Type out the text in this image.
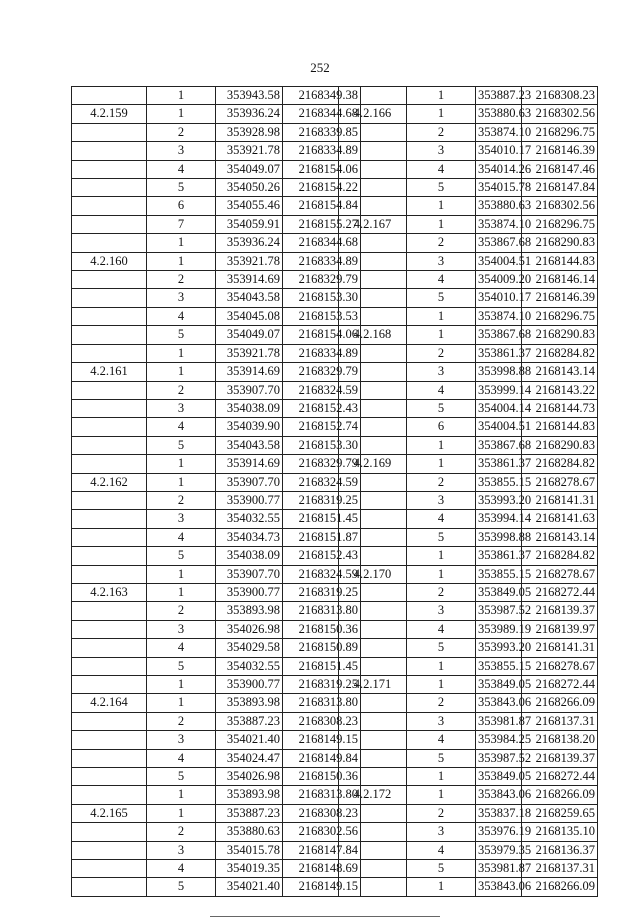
252
	1	353943.58	2168349.38
4.2.159	1	353936.24	2168344.68
	2	353928.98	2168339.85
	3	353921.78	2168334.89
	4	354049.07	2168154.06
	5	354050.26	2168154.22
	6	354055.46	2168154.84
	7	354059.91	2168155.27
	1	353936.24	2168344.68
4.2.160	1	353921.78	2168334.89
	2	353914.69	2168329.79
	3	354043.58	2168153.30
	4	354045.08	2168153.53
	5	354049.07	2168154.06
	1	353921.78	2168334.89
4.2.161	1	353914.69	2168329.79
	2	353907.70	2168324.59
	3	354038.09	2168152.43
	4	354039.90	2168152.74
	5	354043.58	2168153.30
	1	353914.69	2168329.79
4.2.162	1	353907.70	2168324.59
	2	353900.77	2168319.25
	3	354032.55	2168151.45
	4	354034.73	2168151.87
	5	354038.09	2168152.43
	1	353907.70	2168324.59
4.2.163	1	353900.77	2168319.25
	2	353893.98	2168313.80
	3	354026.98	2168150.36
	4	354029.58	2168150.89
	5	354032.55	2168151.45
	1	353900.77	2168319.25
4.2.164	1	353893.98	2168313.80
	2	353887.23	2168308.23
	3	354021.40	2168149.15
	4	354024.47	2168149.84
	5	354026.98	2168150.36
	1	353893.98	2168313.80
4.2.165	1	353887.23	2168308.23
	2	353880.63	2168302.56
	3	354015.78	2168147.84
	4	354019.35	2168148.69
	5	354021.40	2168149.15
	1	353887.23	2168308.23
4.2.166	1	353880.63	2168302.56
	2	353874.10	2168296.75
	3	354010.17	2168146.39
	4	354014.26	2168147.46
	5	354015.78	2168147.84
	1	353880.63	2168302.56
4.2.167	1	353874.10	2168296.75
	2	353867.68	2168290.83
	3	354004.51	2168144.83
	4	354009.20	2168146.14
	5	354010.17	2168146.39
	1	353874.10	2168296.75
4.2.168	1	353867.68	2168290.83
	2	353861.37	2168284.82
	3	353998.88	2168143.14
	4	353999.14	2168143.22
	5	354004.14	2168144.73
	6	354004.51	2168144.83
	1	353867.68	2168290.83
4.2.169	1	353861.37	2168284.82
	2	353855.15	2168278.67
	3	353993.20	2168141.31
	4	353994.14	2168141.63
	5	353998.88	2168143.14
	1	353861.37	2168284.82
4.2.170	1	353855.15	2168278.67
	2	353849.05	2168272.44
	3	353987.52	2168139.37
	4	353989.19	2168139.97
	5	353993.20	2168141.31
	1	353855.15	2168278.67
4.2.171	1	353849.05	2168272.44
	2	353843.06	2168266.09
	3	353981.87	2168137.31
	4	353984.25	2168138.20
	5	353987.52	2168139.37
	1	353849.05	2168272.44
4.2.172	1	353843.06	2168266.09
	2	353837.18	2168259.65
	3	353976.19	2168135.10
	4	353979.35	2168136.37
	5	353981.87	2168137.31
	1	353843.06	2168266.09
